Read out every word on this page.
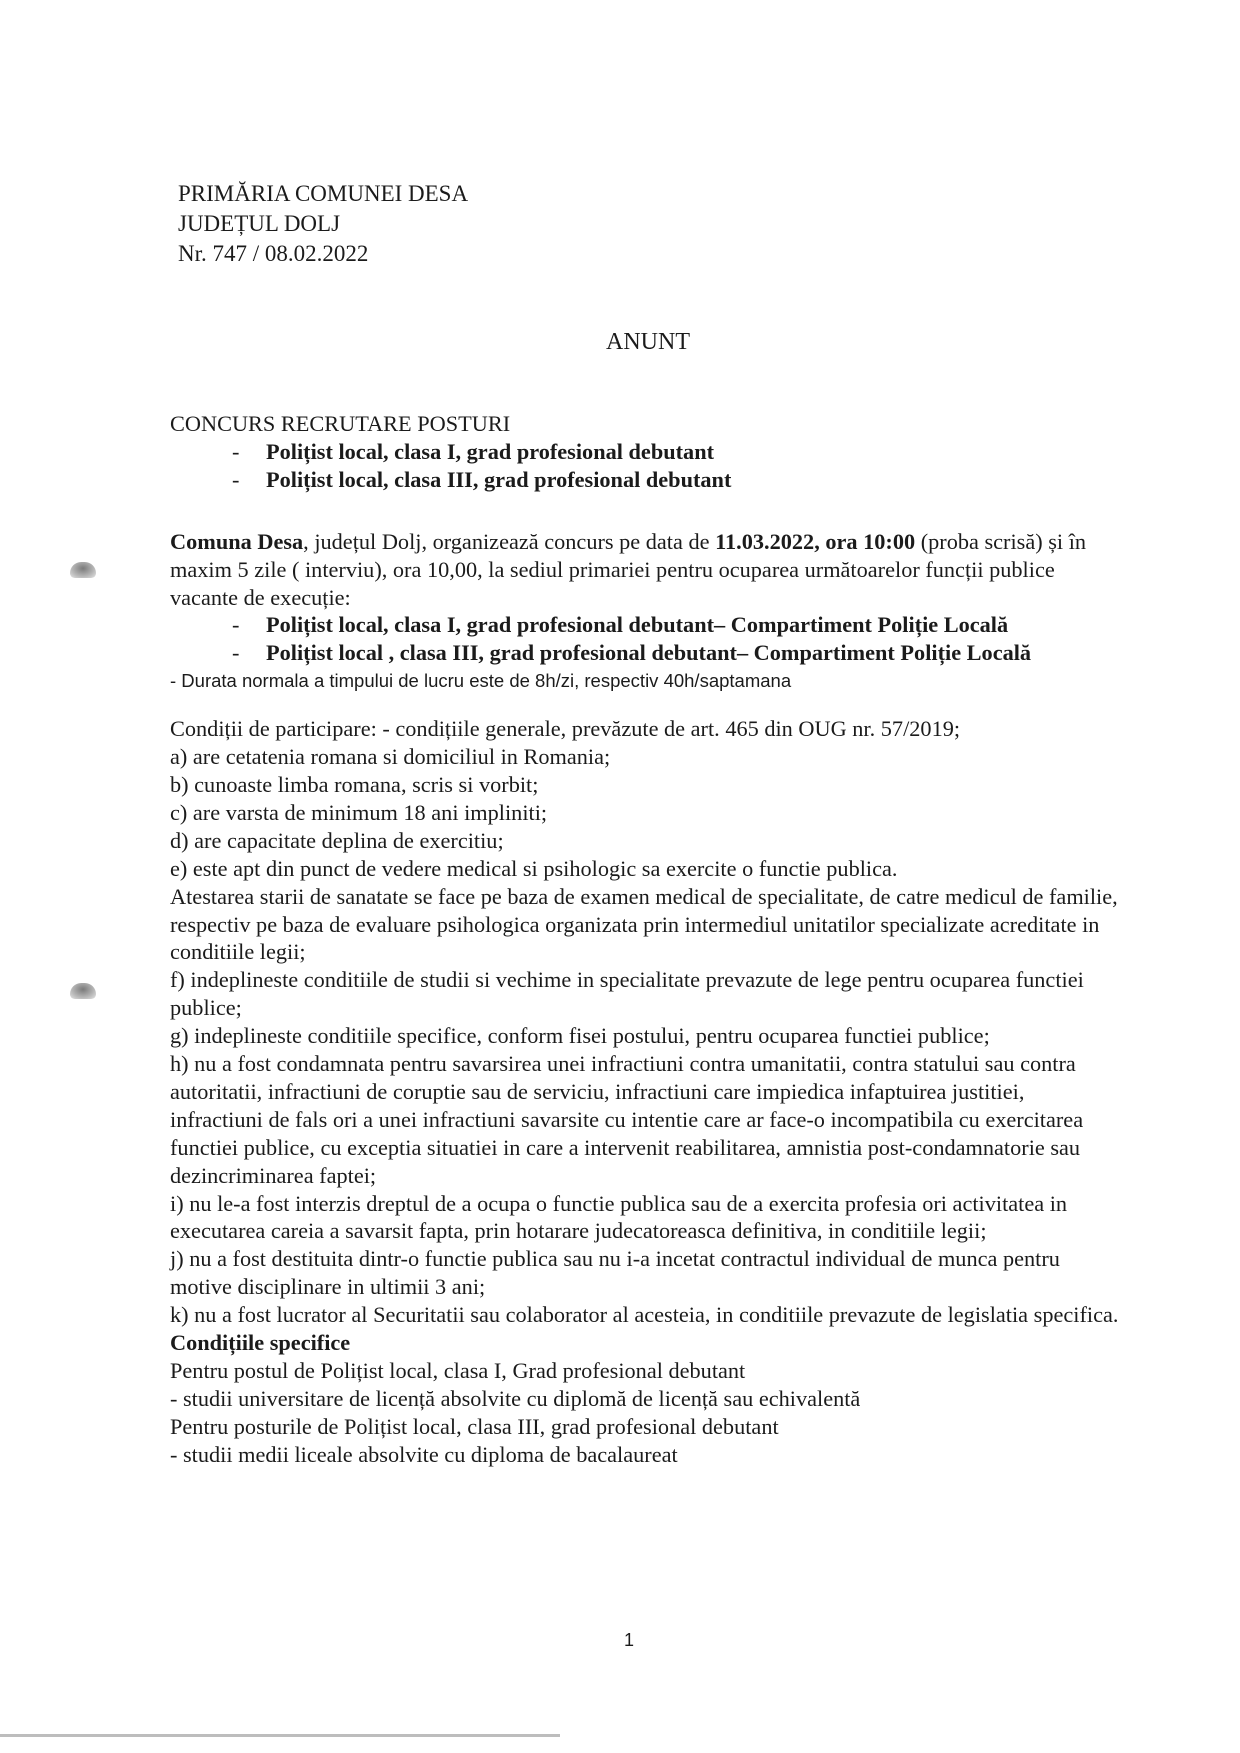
PRIMĂRIA COMUNEI DESA
JUDEȚUL DOLJ
Nr. 747 / 08.02.2022
ANUNT

CONCURS RECRUTARE POSTURI

-	Polițist local, clasa I, grad profesional debutant
-	Polițist local, clasa III, grad profesional debutant

Comuna Desa, județul Dolj, organizează concurs pe data de 11.03.2022, ora 10:00 (proba scrisă) și în maxim 5 zile ( interviu), ora 10,00, la sediul primariei pentru ocuparea următoarelor funcții publice vacante de execuție:

-	Polițist local, clasa I, grad profesional debutant– Compartiment Poliție Locală
-	Polițist local , clasa III, grad profesional debutant– Compartiment Poliție Locală

- Durata normala a timpului de lucru este de 8h/zi, respectiv 40h/saptamana

Condiții de participare: - condițiile generale, prevăzute de art. 465 din OUG nr. 57/2019;

a) are cetatenia romana si domiciliul in Romania;

b) cunoaste limba romana, scris si vorbit;

c) are varsta de minimum 18 ani impliniti;

d) are capacitate deplina de exercitiu;

e) este apt din punct de vedere medical si psihologic sa exercite o functie publica.

Atestarea starii de sanatate se face pe baza de examen medical de specialitate, de catre medicul de familie, respectiv pe baza de evaluare psihologica organizata prin intermediul unitatilor specializate acreditate in conditiile legii;

f) indeplineste conditiile de studii si vechime in specialitate prevazute de lege pentru ocuparea functiei publice;

g) indeplineste conditiile specifice, conform fisei postului, pentru ocuparea functiei publice;

h) nu a fost condamnata pentru savarsirea unei infractiuni contra umanitatii, contra statului sau contra autoritatii, infractiuni de coruptie sau de serviciu, infractiuni care impiedica infaptuirea justitiei, infractiuni de fals ori a unei infractiuni savarsite cu intentie care ar face-o incompatibila cu exercitarea functiei publice, cu exceptia situatiei in care a intervenit reabilitarea, amnistia post-condamnatorie sau dezincriminarea faptei;

i) nu le-a fost interzis dreptul de a ocupa o functie publica sau de a exercita profesia ori activitatea in executarea careia a savarsit fapta, prin hotarare judecatoreasca definitiva, in conditiile legii;

j) nu a fost destituita dintr-o functie publica sau nu i-a incetat contractul individual de munca pentru motive disciplinare in ultimii 3 ani;

k) nu a fost lucrator al Securitatii sau colaborator al acesteia, in conditiile prevazute de legislatia specifica.

Condițiile specifice

Pentru postul de Polițist local, clasa I, Grad profesional debutant

- studii universitare de licență absolvite cu diplomă de licență sau echivalentă

Pentru posturile de Polițist local, clasa III, grad profesional debutant

- studii medii liceale absolvite cu diploma de bacalaureat

1
